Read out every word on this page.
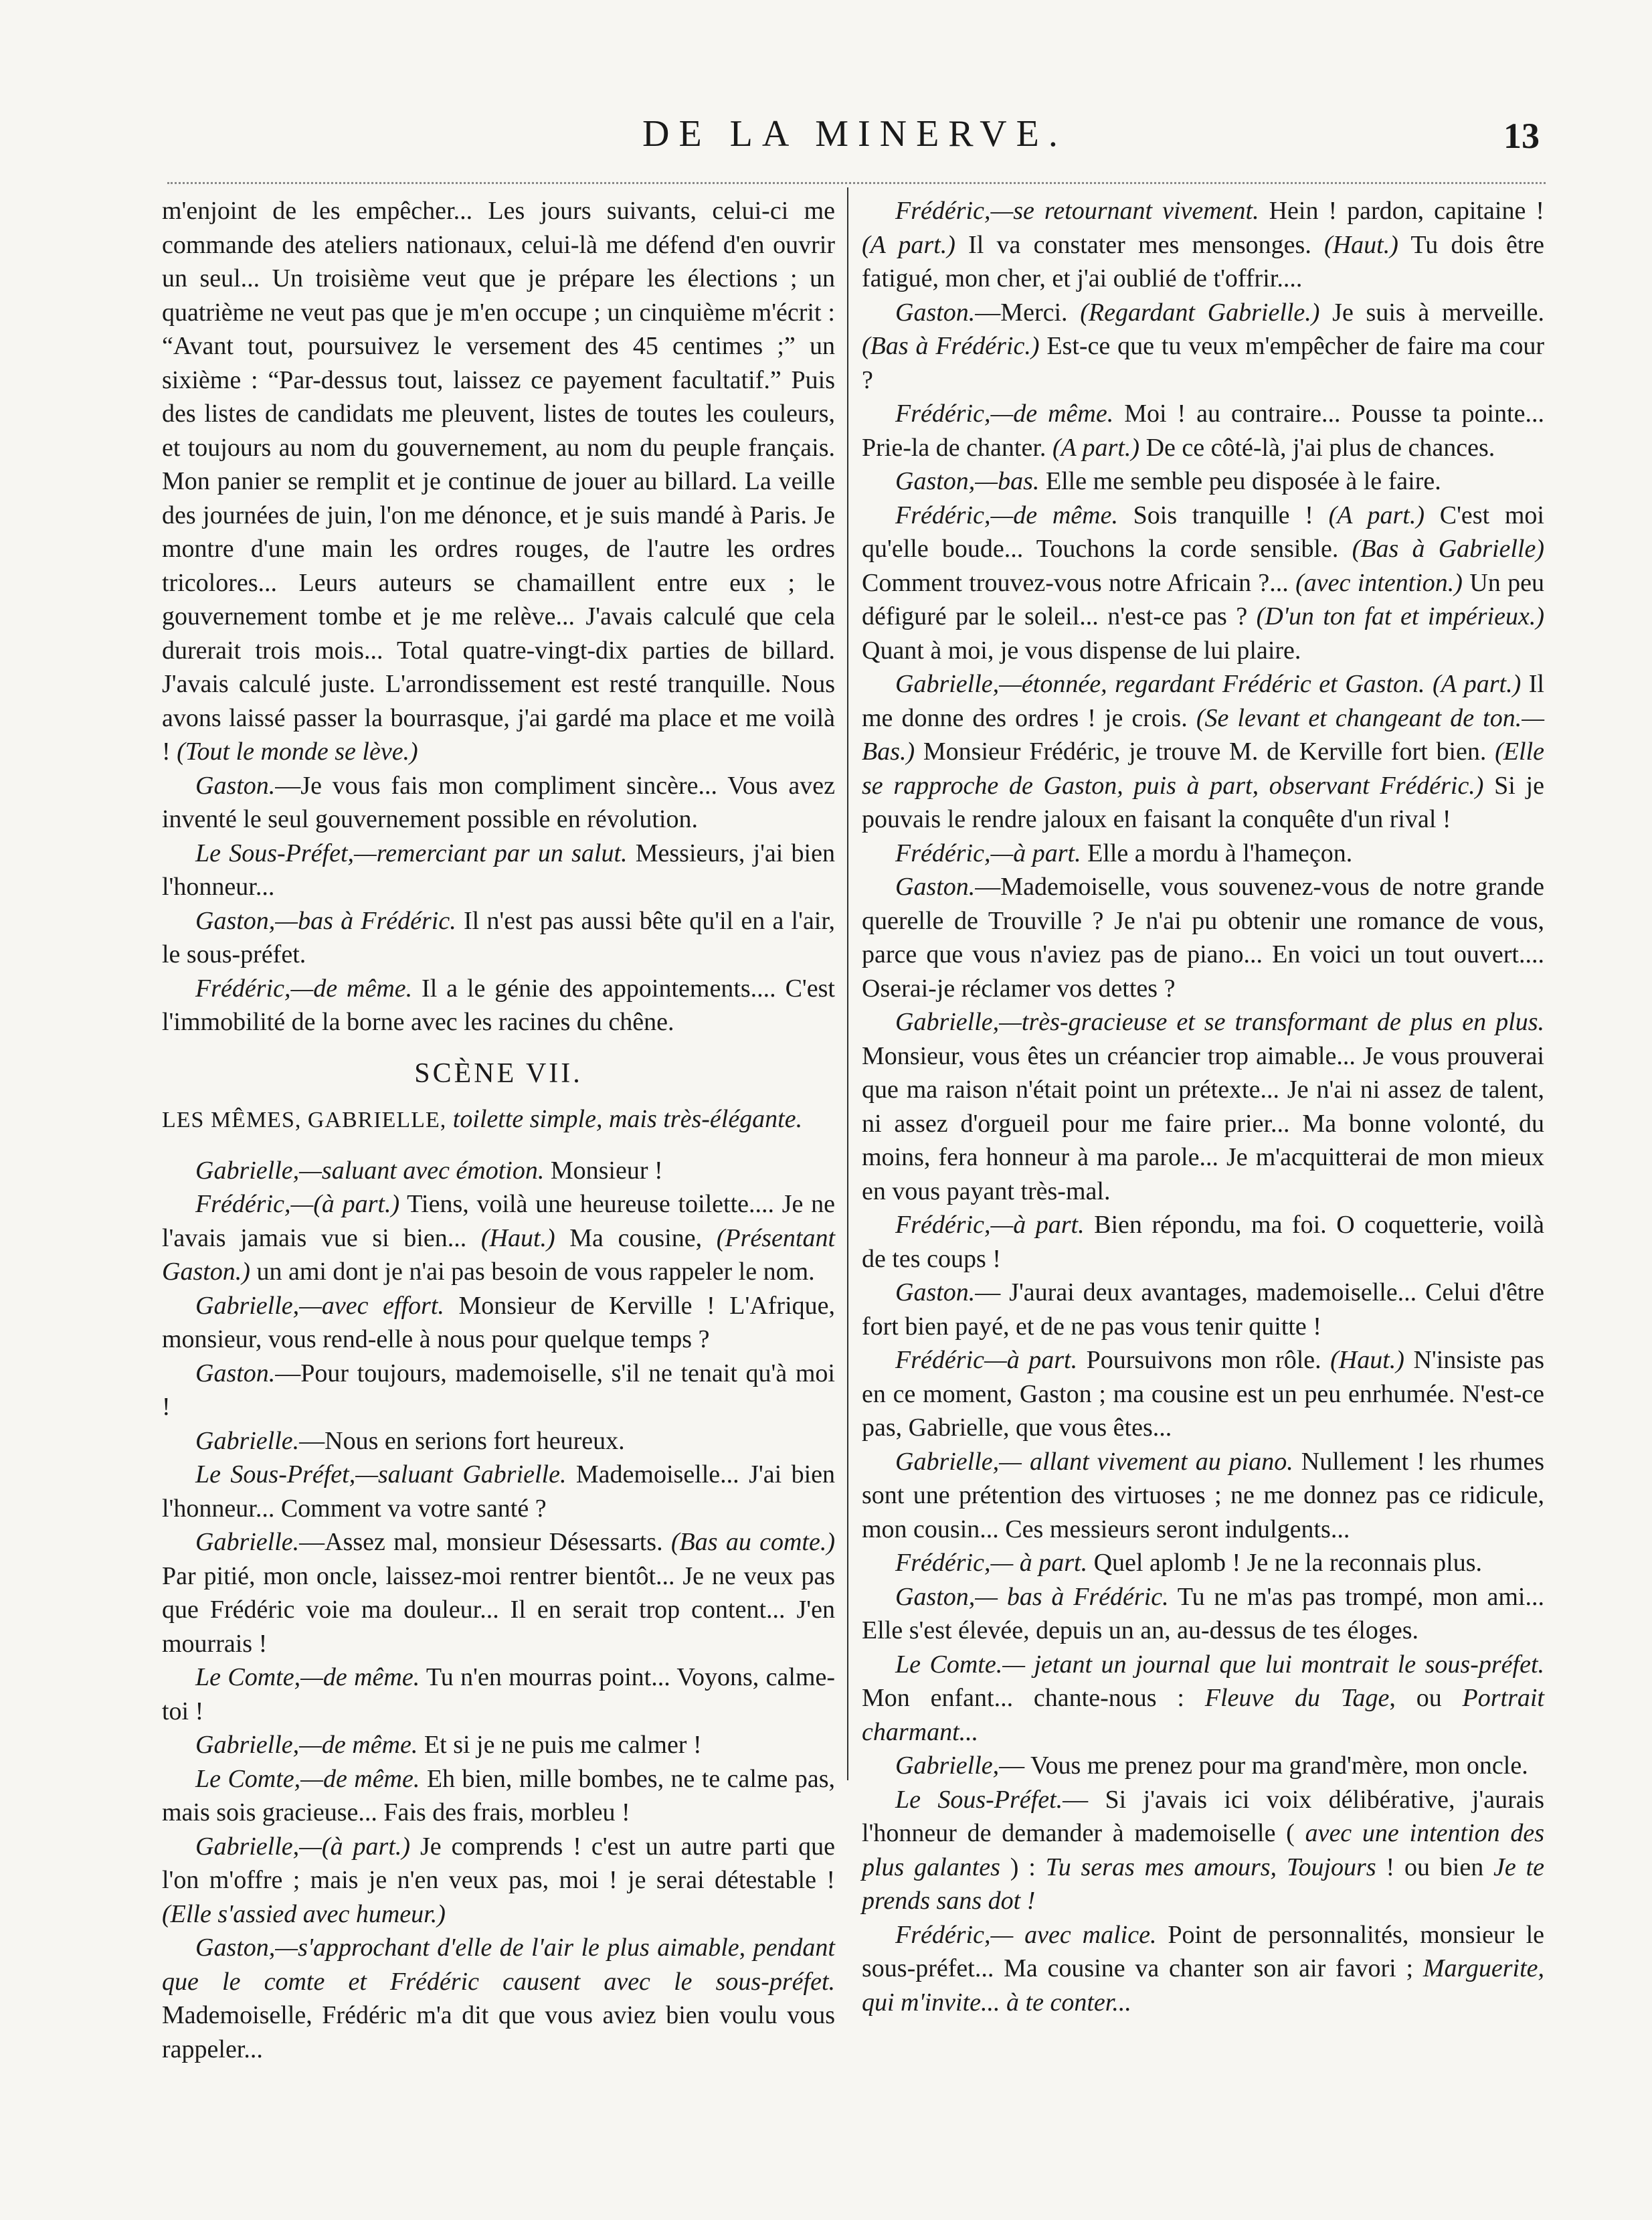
DE LA MINERVE.	13

m'enjoint de les empêcher... Les jours suivants, celui-ci me commande des ateliers nationaux, celui-là me défend d'en ouvrir un seul... Un troisième veut que je prépare les élections ; un quatrième ne veut pas que je m'en occupe ; un cinquième m'écrit : “Avant tout, poursuivez le versement des 45 centimes ;” un sixième : “Par-dessus tout, laissez ce payement facultatif.” Puis des listes de candidats me pleuvent, listes de toutes les couleurs, et toujours au nom du gouvernement, au nom du peuple français. Mon panier se remplit et je continue de jouer au billard. La veille des journées de juin, l'on me dénonce, et je suis mandé à Paris. Je montre d'une main les ordres rouges, de l'autre les ordres tricolores... Leurs auteurs se chamaillent entre eux ; le gouvernement tombe et je me relève... J'avais calculé que cela durerait trois mois... Total quatre-vingt-dix parties de billard. J'avais calculé juste. L'arrondissement est resté tranquille. Nous avons laissé passer la bourrasque, j'ai gardé ma place et me voilà ! (Tout le monde se lève.)

Gaston.—Je vous fais mon compliment sincère... Vous avez inventé le seul gouvernement possible en révolution.

Le Sous-Préfet,—remerciant par un salut. Messieurs, j'ai bien l'honneur...

Gaston,—bas à Frédéric. Il n'est pas aussi bête qu'il en a l'air, le sous-préfet.

Frédéric,—de même. Il a le génie des appointements.... C'est l'immobilité de la borne avec les racines du chêne.

SCÈNE VII.

LES MÊMES, GABRIELLE, toilette simple, mais très-élégante.

Gabrielle,—saluant avec émotion. Monsieur !

Frédéric,—(à part.) Tiens, voilà une heureuse toilette.... Je ne l'avais jamais vue si bien... (Haut.) Ma cousine, (Présentant Gaston.) un ami dont je n'ai pas besoin de vous rappeler le nom.

Gabrielle,—avec effort. Monsieur de Kerville ! L'Afrique, monsieur, vous rend-elle à nous pour quelque temps ?

Gaston.—Pour toujours, mademoiselle, s'il ne tenait qu'à moi !

Gabrielle.—Nous en serions fort heureux.

Le Sous-Préfet,—saluant Gabrielle. Mademoiselle... J'ai bien l'honneur... Comment va votre santé ?

Gabrielle.—Assez mal, monsieur Désessarts. (Bas au comte.) Par pitié, mon oncle, laissez-moi rentrer bientôt... Je ne veux pas que Frédéric voie ma douleur... Il en serait trop content... J'en mourrais !

Le Comte,—de même. Tu n'en mourras point... Voyons, calme-toi !

Gabrielle,—de même. Et si je ne puis me calmer !

Le Comte,—de même. Eh bien, mille bombes, ne te calme pas, mais sois gracieuse... Fais des frais, morbleu !

Gabrielle,—(à part.) Je comprends ! c'est un autre parti que l'on m'offre ; mais je n'en veux pas, moi ! je serai détestable ! (Elle s'assied avec humeur.)

Gaston,—s'approchant d'elle de l'air le plus aimable, pendant que le comte et Frédéric causent avec le sous-préfet. Mademoiselle, Frédéric m'a dit que vous aviez bien voulu vous rappeler...

Frédéric,—se retournant vivement. Hein ! pardon, capitaine ! (A part.) Il va constater mes mensonges. (Haut.) Tu dois être fatigué, mon cher, et j'ai oublié de t'offrir....

Gaston.—Merci. (Regardant Gabrielle.) Je suis à merveille. (Bas à Frédéric.) Est-ce que tu veux m'empêcher de faire ma cour ?

Frédéric,—de même. Moi ! au contraire... Pousse ta pointe... Prie-la de chanter. (A part.) De ce côté-là, j'ai plus de chances.

Gaston,—bas. Elle me semble peu disposée à le faire.

Frédéric,—de même. Sois tranquille ! (A part.) C'est moi qu'elle boude... Touchons la corde sensible. (Bas à Gabrielle) Comment trouvez-vous notre Africain ?... (avec intention.) Un peu défiguré par le soleil... n'est-ce pas ? (D'un ton fat et impérieux.) Quant à moi, je vous dispense de lui plaire.

Gabrielle,—étonnée, regardant Frédéric et Gaston. (A part.) Il me donne des ordres ! je crois. (Se levant et changeant de ton.—Bas.) Monsieur Frédéric, je trouve M. de Kerville fort bien. (Elle se rapproche de Gaston, puis à part, observant Frédéric.) Si je pouvais le rendre jaloux en faisant la conquête d'un rival !

Frédéric,—à part. Elle a mordu à l'hameçon.

Gaston.—Mademoiselle, vous souvenez-vous de notre grande querelle de Trouville ? Je n'ai pu obtenir une romance de vous, parce que vous n'aviez pas de piano... En voici un tout ouvert.... Oserai-je réclamer vos dettes ?

Gabrielle,—très-gracieuse et se transformant de plus en plus. Monsieur, vous êtes un créancier trop aimable... Je vous prouverai que ma raison n'était point un prétexte... Je n'ai ni assez de talent, ni assez d'orgueil pour me faire prier... Ma bonne volonté, du moins, fera honneur à ma parole... Je m'acquitterai de mon mieux en vous payant très-mal.

Frédéric,—à part. Bien répondu, ma foi. O coquetterie, voilà de tes coups !

Gaston.— J'aurai deux avantages, mademoiselle... Celui d'être fort bien payé, et de ne pas vous tenir quitte !

Frédéric—à part. Poursuivons mon rôle. (Haut.) N'insiste pas en ce moment, Gaston ; ma cousine est un peu enrhumée. N'est-ce pas, Gabrielle, que vous êtes...

Gabrielle,— allant vivement au piano. Nullement ! les rhumes sont une prétention des virtuoses ; ne me donnez pas ce ridicule, mon cousin... Ces messieurs seront indulgents...

Frédéric,— à part. Quel aplomb ! Je ne la reconnais plus.

Gaston,— bas à Frédéric. Tu ne m'as pas trompé, mon ami... Elle s'est élevée, depuis un an, au-dessus de tes éloges.

Le Comte.— jetant un journal que lui montrait le sous-préfet. Mon enfant... chante-nous : Fleuve du Tage, ou Portrait charmant...

Gabrielle,— Vous me prenez pour ma grand'mère, mon oncle.

Le Sous-Préfet.— Si j'avais ici voix délibérative, j'aurais l'honneur de demander à mademoiselle ( avec une intention des plus galantes ) : Tu seras mes amours, Toujours ! ou bien Je te prends sans dot !

Frédéric,— avec malice. Point de personnalités, monsieur le sous-préfet... Ma cousine va chanter son air favori ; Marguerite, qui m'invite... à te conter...
